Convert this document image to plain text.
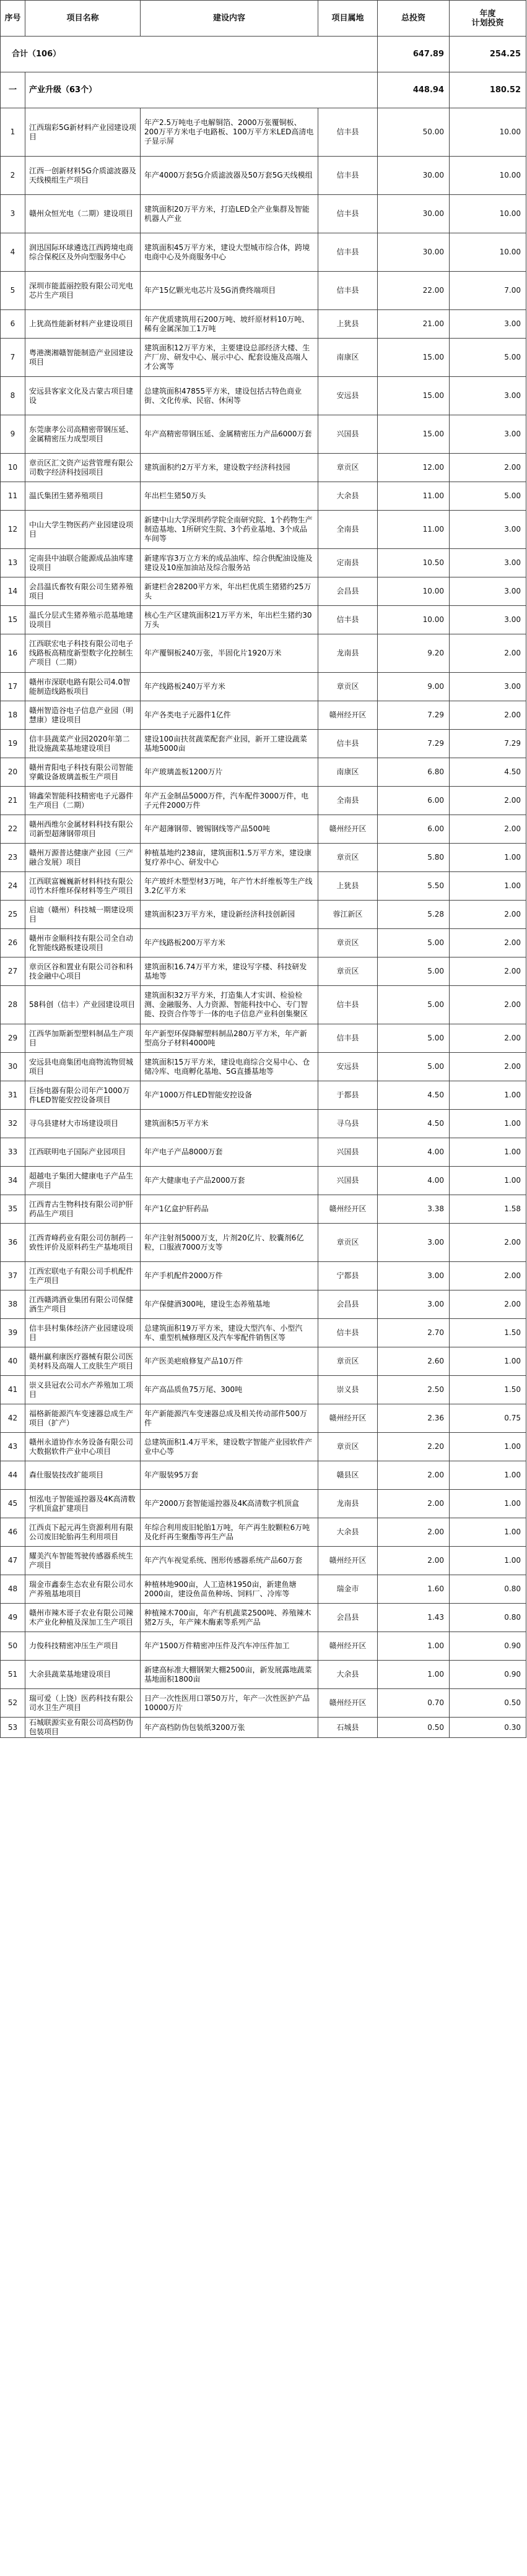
序号	项目名称	建设内容	项目属地	总投资	年度
计划投资
合计（106）				647.89	254.25
一	产业升级（63个）			448.94	180.52
1	江西瑞彩5G新材料产业园建设项目	年产2.5万吨电子电解铜箔、2000万张覆铜板、200万平方米电子电路板、100万平方米LED高清电子显示屏	信丰县	50.00	10.00
2	江西一创新材料5G介质滤波器及天线模组生产项目	年产4000万套5G介质滤波器及50万套5G天线模组	信丰县	30.00	10.00
3	赣州众恒光电（二期）建设项目	建筑面积20万平方米，打造LED全产业集群及智能机器人产业	信丰县	30.00	10.00
4	润迅国际环球遴选江西跨境电商综合保税区及外向型服务中心	建筑面积45万平方米，建设大型城市综合体，跨境电商中心及外商服务中心	信丰县	30.00	10.00
5	深圳市能蓝丽控股有限公司光电芯片生产项目	年产15亿颗光电芯片及5G消费终端项目	信丰县	22.00	7.00
6	上犹高性能新材料产业建设项目	年产优质建筑用石200万吨、坡纤原材料10万吨、稀有金属深加工1万吨	上犹县	21.00	3.00
7	粤港澳湘赣智能制造产业园建设项目	建筑面积12万平方米，主要建设总部经济大楼、生产厂房、研发中心、展示中心、配套设施及高端人才公寓等	南康区	15.00	5.00
8	安远县客家文化及古蒙古项目建设	总建筑面积47855平方米，建设包括古特色商业街、文化传承、民宿、休闲等	安远县	15.00	3.00
9	东莞康孝公司高精密带钢压延、金属精密压力成型项目	年产高精密带钢压延、金属精密压力产品6000万套	兴国县	15.00	3.00
10	章贡区汇文资产运营管理有限公司数字经济科技园项目	建筑面积约2万平方米，建设数字经济科技园	章贡区	12.00	2.00
11	温氏集团生猪养殖项目	年出栏生猪50万头	大余县	11.00	5.00
12	中山大学生物医药产业园建设项目	新建中山大学深圳药学院全南研究院、1个药物生产制造基地、1所研究生院、3个药业基地、3个成品车间等	全南县	11.00	3.00
13	定南县中油联合能源成品油库建设项目	新建库容3万立方米的成品油库、综合供配油设施及建设及10座加油站及综合服务站	定南县	10.50	3.00
14	会昌温氏畜牧有限公司生猪养殖项目	新建栏舍28200平方米，年出栏优质生猪猪约25万头	会昌县	10.00	3.00
15	温氏分层式生猪养殖示范基地建设项目	核心生产区建筑面积21万平方米，年出栏生猪约30万头	信丰县	10.00	3.00
16	江西联宏电子科技有限公司电子线路板高精度新型数字化控制生产项目（二期）	年产覆铜板240万张，半固化片1920万米	龙南县	9.20	2.00
17	赣州市深联电路有限公司4.0智能制造线路板项目	年产线路板240万平方米	章贡区	9.00	3.00
18	赣州智造谷电子信息产业园（明慧康）建设项目	年产各类电子元器件1亿件	赣州经开区	7.29	2.00
19	信丰县蔬菜产业园2020年第二批设施蔬菜基地建设项目	建设100亩扶贫蔬菜配套产业园，新开工建设蔬菜基地5000亩	信丰县	7.29	7.29
20	赣州青阳电子科技有限公司智能穿戴设备玻璃盖板生产项目	年产玻璃盖板1200万片	南康区	6.80	4.50
21	锦鑫荣智能科技精密电子元器件生产项目（二期）	年产五金制品5000万件，汽车配件3000万件，电子元件2000万件	全南县	6.00	2.00
22	赣州西维尔金属材料科技有限公司新型超薄钢带项目	年产超薄钢带、镀锡钢线等产品500吨	赣州经开区	6.00	2.00
23	赣州万源普达健康产业园（三产融合发展）项目	种植基地约238亩，建筑面积1.5万平方米，建设康复疗养中心、研发中心	章贡区	5.80	1.00
24	江西联富巍巍新材料科技有限公司竹木纤维环保材料等生产项目	年产玻纤木塑型材3万吨，年产竹木纤维板等生产线3.2亿平方米	上犹县	5.50	1.00
25	启迪（赣州）科技城一期建设项目	建筑面积23万平方米，建设新经济科技创新园	蓉江新区	5.28	2.00
26	赣州市金顺科技有限公司全自动化智能线路板建设项目	年产线路板200万平方米	章贡区	5.00	2.00
27	章贡区谷和置业有限公司谷和科技金融中心项目	建筑面积16.74万平方米，建设写字楼、科技研发基地等	章贡区	5.00	2.00
28	58科创（信丰）产业园建设项目	建筑面积32万平方米，打造集人才实训、检验检测、金融服务、人力资源、智能科技中心、专门智能、投资合作等于一体的电子信息产业科创集聚区	信丰县	5.00	2.00
29	江西华加斯新型塑料制品生产项目	年产新型环保降解塑料制品280万平方米，年产新型高分子材料4000吨	信丰县	5.00	2.00
30	安远县电商集团电商物流物贸城项目	建筑面积15万平方米，建设电商综合交易中心、仓储冷库、电商孵化基地、5G直播基地等	安远县	5.00	2.00
31	巨扬电器有限公司年产1000万件LED智能安控设备项目	年产1000万件LED智能安控设备	于都县	4.50	1.00
32	寻乌县建材大市场建设项目	建筑面积5万平方米	寻乌县	4.50	1.00
33	江西联明电子国际产业园项目	年产电子产品8000万套	兴国县	4.00	1.00
34	超越电子集团大健康电子产品生产项目	年产大健康电子产品2000万套	兴国县	4.00	1.00
35	江西青古生物科技有限公司护肝药品生产项目	年产1亿盒护肝药品	赣州经开区	3.38	1.58
36	江西青峰药业有限公司仿制药一致性评价及原料药生产基地项目	年产注射剂5000万支，片剂20亿片、胶囊剂6亿粒，口服液7000万支等	章贡区	3.00	2.00
37	江西宏联电子有限公司手机配件生产项目	年产手机配件2000万件	宁都县	3.00	2.00
38	江西赣鸿酒业集团有限公司保健酒生产项目	年产保健酒300吨，建设生态养殖基地	会昌县	3.00	2.00
39	信丰县村集体经济产业园建设项目	总建筑面积19万平方米，建设大型汽车、小型汽车、重型机械修理区及汽车零配件销售区等	信丰县	2.70	1.50
40	赣州赢利康医疗器械有限公司医美材料及高端人工皮肤生产项目	年产医美疤痕修复产品10万件	章贡区	2.60	1.00
41	崇义县冠农公司水产养殖加工项目	年产高品质鱼75万尾、300吨	崇义县	2.50	1.50
42	福格新能源汽车变速器总成生产项目（扩产）	年产新能源汽车变速器总成及相关传动部件500万件	赣州经开区	2.36	0.75
43	赣州永道协作水务设备有限公司大数据软件产业中心项目	总建筑面积1.4万平米，建设数字智能产业园软件产业中心等	章贡区	2.20	1.00
44	森仕服装技改扩能项目	年产服装95万套	赣县区	2.00	1.00
45	恒泓电子智能遥控器及4K高清数字机顶盒扩建项目	年产2000万套智能遥控器及4K高清数字机顶盒	龙南县	2.00	1.00
46	江西贞下起元再生资源利用有限公司废旧轮胎再生利用项目	年综合利用废旧轮胎1万吨，年产再生胶颗粒6万吨及化纤再生聚酯等再生产品	大余县	2.00	1.00
47	耀美汽车智能驾驶传感器系统生产项目	年产汽车视觉系统、图形传感器系统产品60万套	赣州经开区	2.00	1.00
48	瑞金市鑫泰生态农业有限公司水产养殖基地项目	种植林地900亩，人工造林1950亩，新建鱼塘2000亩，建设鱼苗鱼种场、饲料厂、冷库等	瑞金市	1.60	0.80
49	赣州市辣木哥子农业有限公司辣木产业化种植及深加工生产项目	种植辣木700亩，年产有机蔬菜2500吨、养殖辣木猪2万头，年产辣木酶素等系列产品	会昌县	1.43	0.80
50	力俊科技精密冲压生产项目	年产1500万件精密冲压件及汽车冲压件加工	赣州经开区	1.00	0.90
51	大余县蔬菜基地建设项目	新建高标准大棚钢架大棚2500亩，新发展露地蔬菜基地面积1800亩	大余县	1.00	0.90
52	瑞可爱（上饶）医药科技有限公司水卫生产项目	日产一次性医用口罩50万片，年产一次性医护产品10000万片	赣州经开区	0.70	0.50
53	石城联源实业有限公司高档防伪包装项目	年产高档防伪包装纸3200万张	石城县	0.50	0.30
